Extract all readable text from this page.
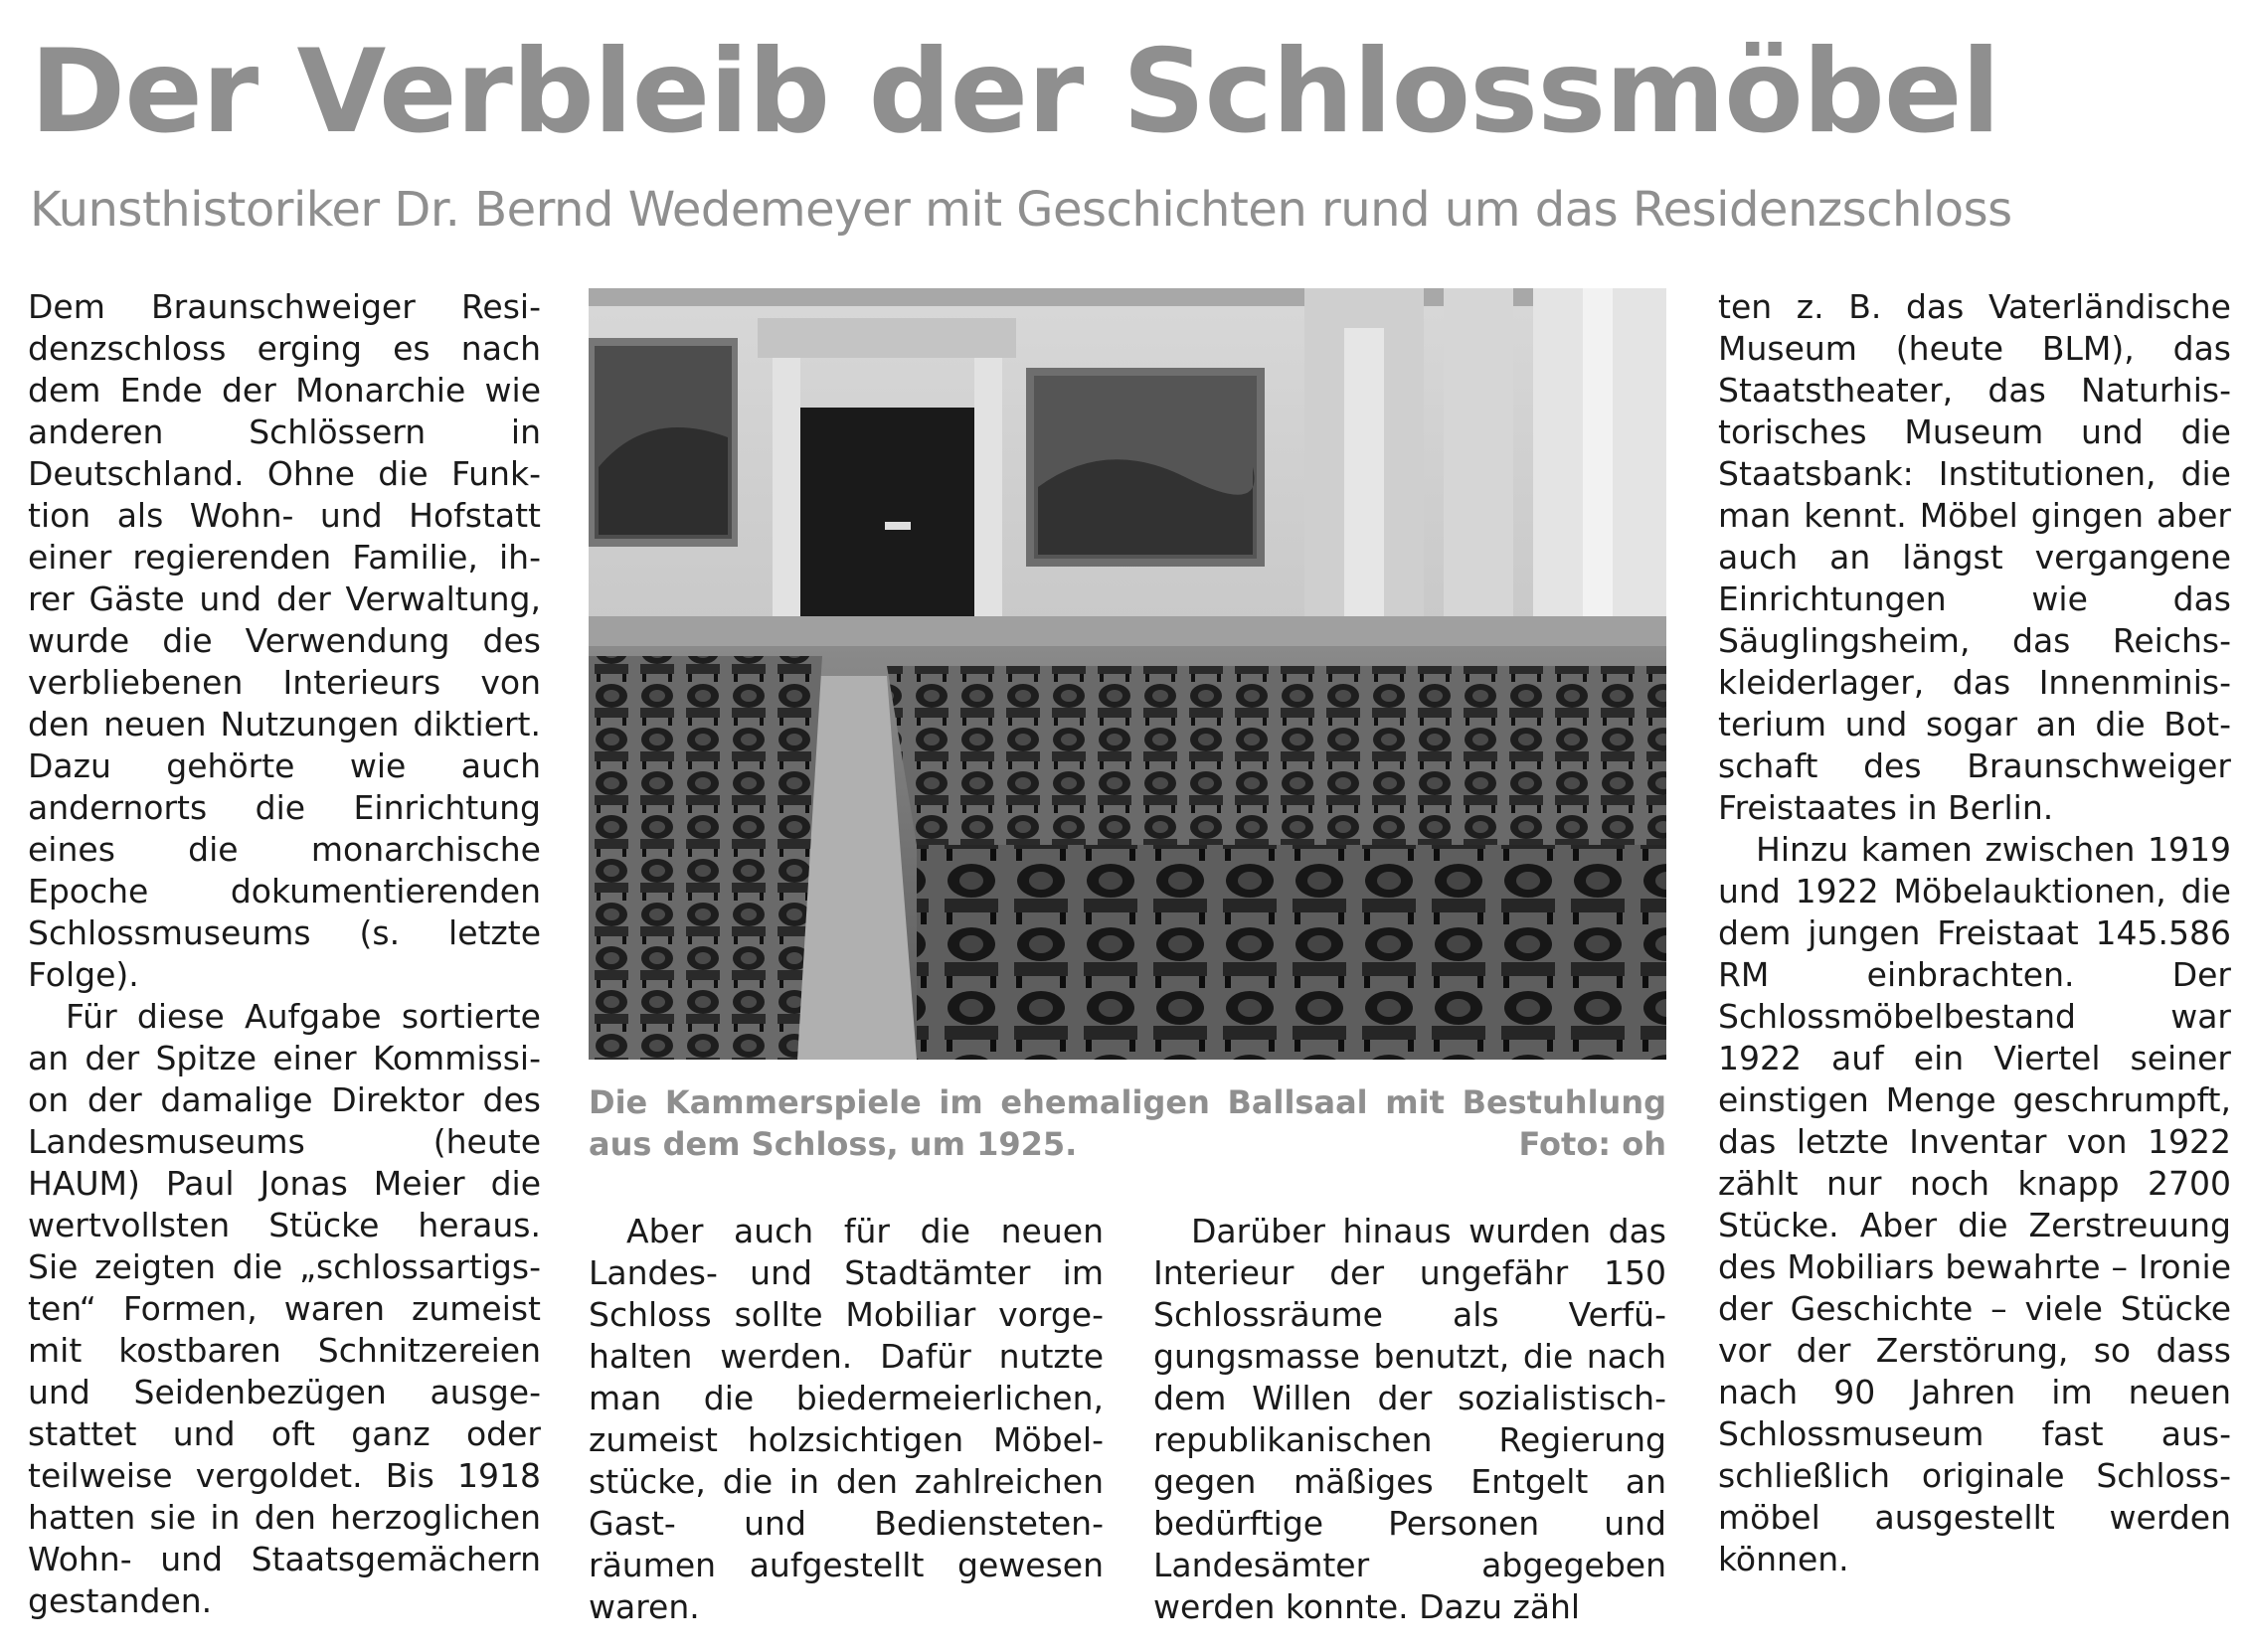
Der Verbleib der Schlossmöbel
Kunsthistoriker Dr. Bernd Wedemeyer mit Geschichten rund um das Residenzschloss

Dem Braunschweiger Residenzschloss erging es nach dem Ende der Monarchie wie anderen Schlössern in Deutschland. Ohne die Funktion als Wohn- und Hofstatt einer regierenden Familie, ihrer Gäste und der Verwaltung, wurde die Verwendung des verbliebenen Interieurs von den neuen Nutzungen diktiert. Dazu gehörte wie auch andernorts die Einrichtung eines die monarchische Epoche dokumentierenden Schlossmuseums (s. letzte Folge).

Für diese Aufgabe sortierte an der Spitze einer Kommission der damalige Direktor des Landesmuseums (heute HAUM) Paul Jonas Meier die wertvollsten Stücke heraus. Sie zeigten die „schlossartigsten“ Formen, waren zumeist mit kostbaren Schnitzereien und Seidenbezügen ausgestattet und oft ganz oder teilweise vergoldet. Bis 1918 hatten sie in den herzoglichen Wohn- und Staatsgemächern gestanden.

Die Kammerspiele im ehemaligen Ballsaal mit Bestuhlung
aus dem Schloss, um 1925.	Foto: oh

Aber auch für die neuen Landes- und Stadtämter im Schloss sollte Mobiliar vorgehalten werden. Dafür nutzte man die biedermeierlichen, zumeist holzsichtigen Möbelstücke, die in den zahlreichen Gast- und Bedienstetenräumen aufgestellt gewesen waren.

Darüber hinaus wurden das Interieur der ungefähr 150 Schlossräume als Verfügungsmasse benutzt, die nach dem Willen der sozialistisch-republikanischen Regierung gegen mäßiges Entgelt an bedürftige Personen und Landesämter abgegeben werden konnte. Dazu zähl

ten z. B. das Vaterländische Museum (heute BLM), das Staatstheater, das Naturhistorisches Museum und die Staatsbank: Institutionen, die man kennt. Möbel gingen aber auch an längst vergangene Einrichtungen wie das Säuglingsheim, das Reichskleiderlager, das Innenministerium und sogar an die Botschaft des Braunschweiger Freistaates in Berlin.

Hinzu kamen zwischen 1919 und 1922 Möbelauktionen, die dem jungen Freistaat 145.586 RM einbrachten. Der Schlossmöbelbestand war 1922 auf ein Viertel seiner einstigen Menge geschrumpft, das letzte Inventar von 1922 zählt nur noch knapp 2700 Stücke. Aber die Zerstreuung des Mobiliars bewahrte – Ironie der Geschichte – viele Stücke vor der Zerstörung, so dass nach 90 Jahren im neuen Schlossmuseum fast ausschließlich originale Schlossmöbel ausgestellt werden können.
